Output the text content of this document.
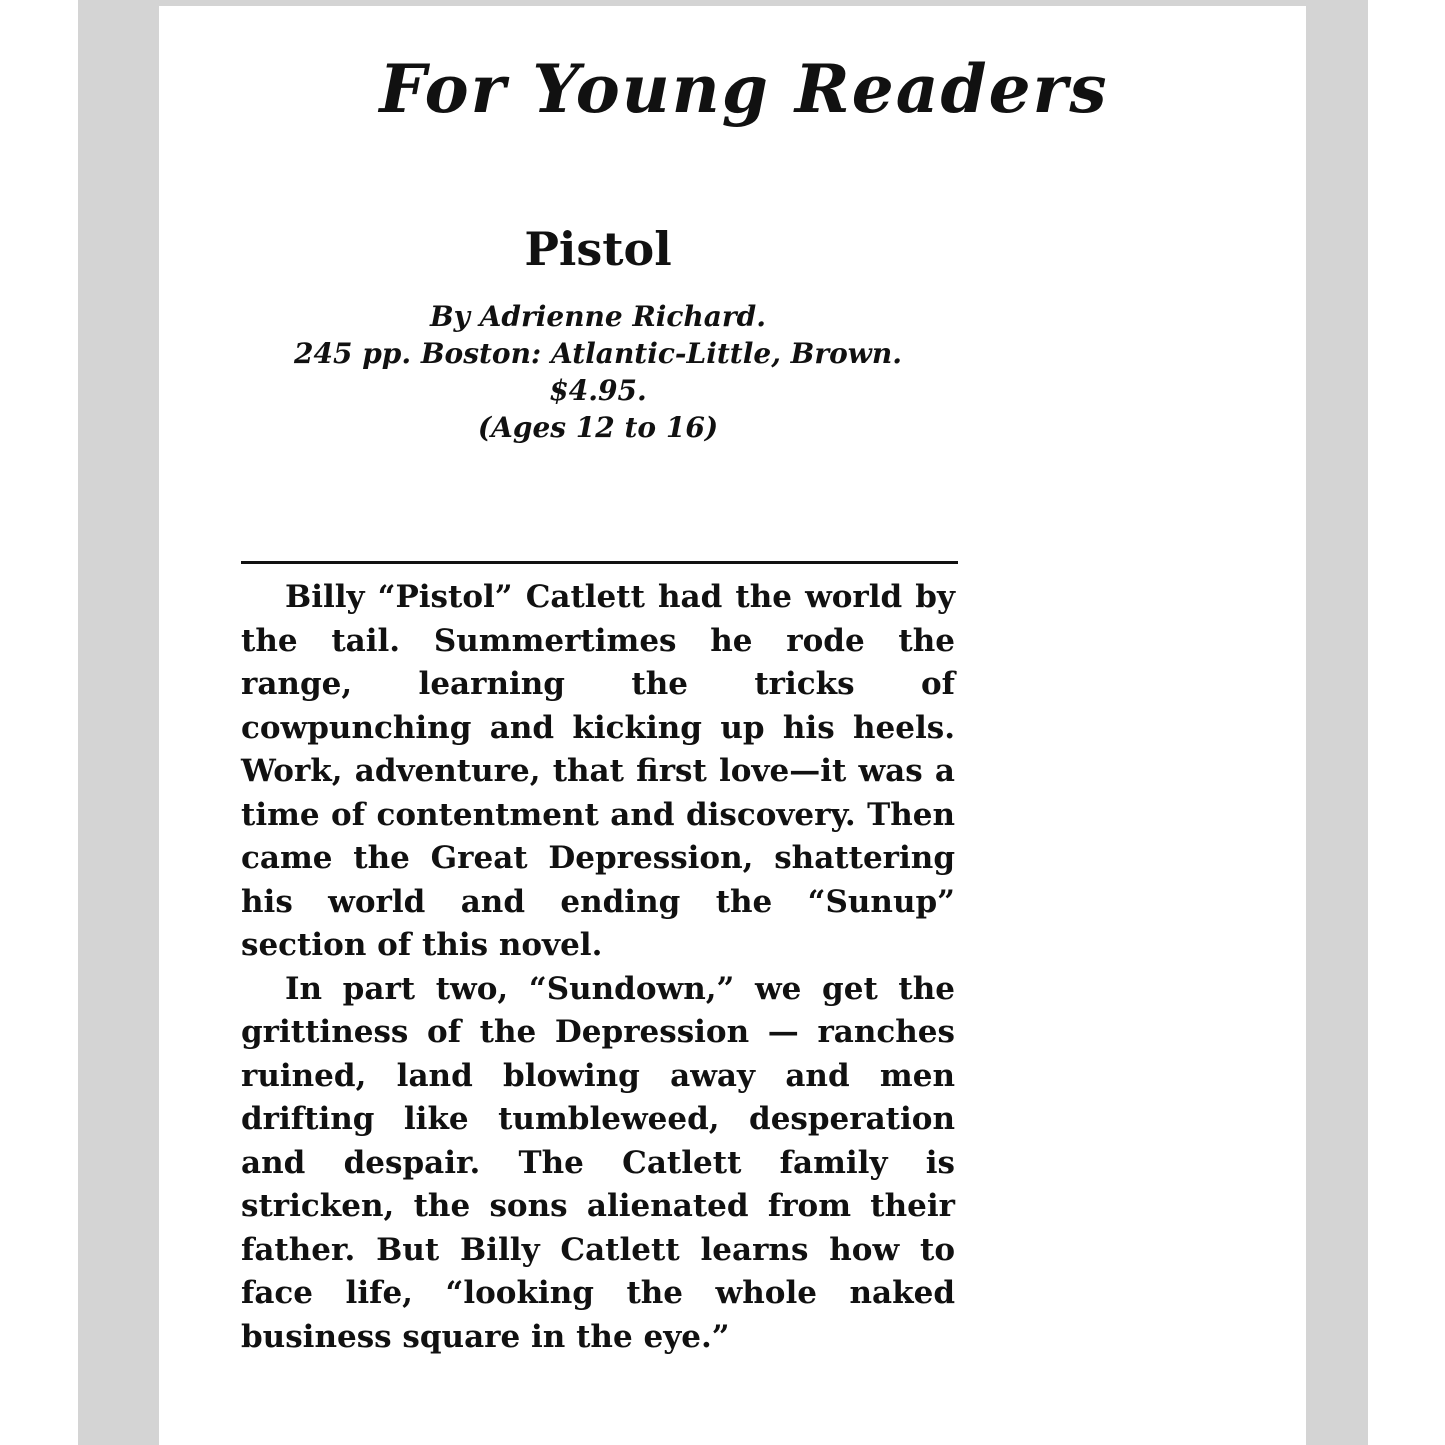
For Young Readers
Pistol
By Adrienne Richard.
245 pp. Boston: Atlantic-Little, Brown.
$4.95.
(Ages 12 to 16)

Billy “Pistol” Catlett had the world by the tail. Summertimes he rode the range, learning the tricks of cowpunching and kicking up his heels. Work, adventure, that first love—it was a time of contentment and discovery. Then came the Great Depression, shattering his world and ending the “Sunup” section of this novel.

In part two, “Sundown,” we get the grittiness of the Depression — ranches ruined, land blowing away and men drifting like tumbleweed, desperation and despair. The Catlett family is stricken, the sons alienated from their father. But Billy Catlett learns how to face life, “looking the whole naked business square in the eye.”
